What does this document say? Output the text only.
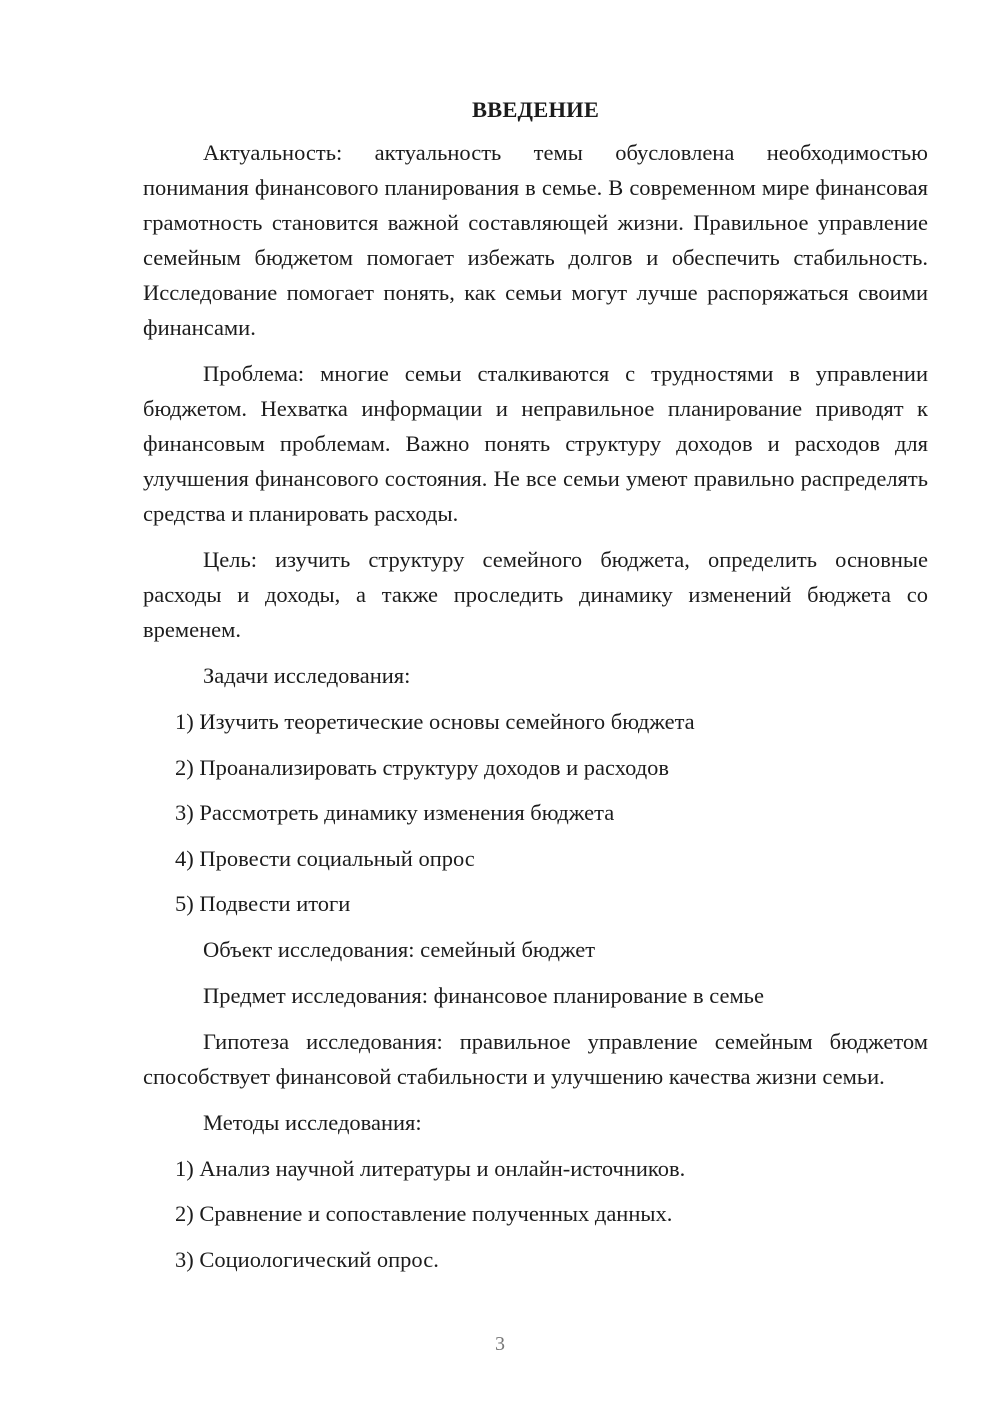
ВВЕДЕНИЕ

Актуальность: актуальность темы обусловлена необходимостью понимания финансового планирования в семье. В современном мире финансовая грамотность становится важной составляющей жизни. Правильное управление семейным бюджетом помогает избежать долгов и обеспечить стабильность. Исследование помогает понять, как семьи могут лучше распоряжаться своими финансами.

Проблема: многие семьи сталкиваются с трудностями в управлении бюджетом. Нехватка информации и неправильное планирование приводят к финансовым проблемам. Важно понять структуру доходов и расходов для улучшения финансового состояния. Не все семьи умеют правильно распределять средства и планировать расходы.

Цель: изучить структуру семейного бюджета, определить основные расходы и доходы, а также проследить динамику изменений бюджета со временем.

Задачи исследования:
1) Изучить теоретические основы семейного бюджета
2) Проанализировать структуру доходов и расходов
3) Рассмотреть динамику изменения бюджета
4) Провести социальный опрос
5) Подвести итоги
Объект исследования: семейный бюджет
Предмет исследования: финансовое планирование в семье

Гипотеза исследования: правильное управление семейным бюджетом способствует финансовой стабильности и улучшению качества жизни семьи.

Методы исследования:
1) Анализ научной литературы и онлайн-источников.
2) Сравнение и сопоставление полученных данных.
3) Социологический опрос.
3
